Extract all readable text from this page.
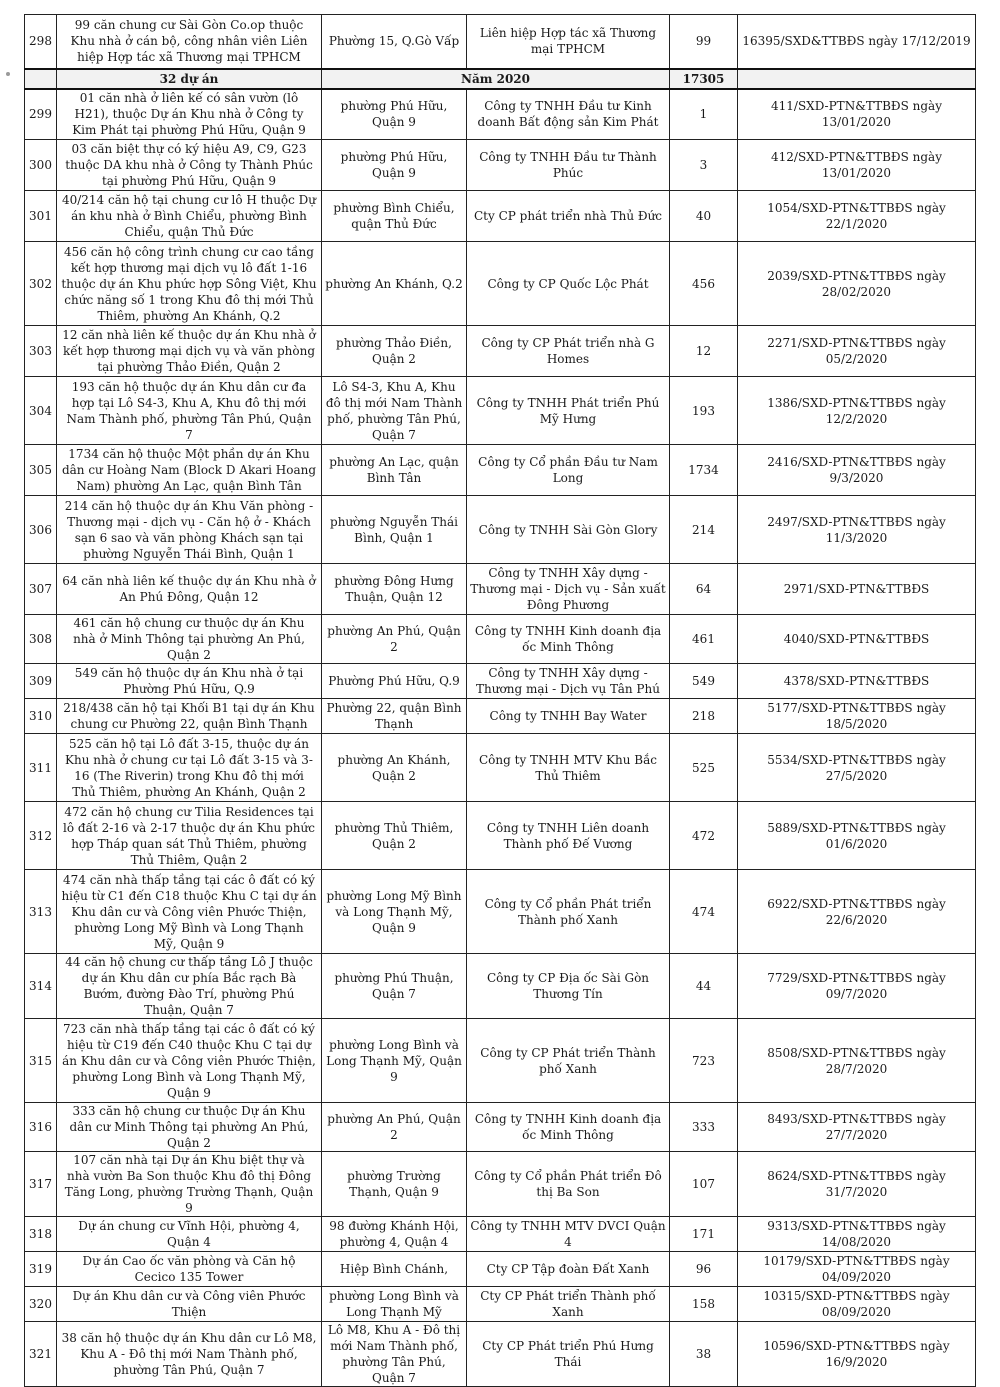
298	99 căn chung cư Sài Gòn Co.op thuộc Khu nhà ở cán bộ, công nhân viên Liên hiệp Hợp tác xã Thương mại TPHCM	Phường 15, Q.Gò Vấp	Liên hiệp Hợp tác xã Thương mại TPHCM	99	16395/SXD&TTBĐS ngày 17/12/2019
	32 dự án	Năm 2020		17305	
299	01 căn nhà ở liên kế có sân vườn (lô H21), thuộc Dự án Khu nhà ở Công ty Kim Phát tại phường Phú Hữu, Quận 9	phường Phú Hữu, Quận 9	Công ty TNHH Đầu tư Kinh doanh Bất động sản Kim Phát	1	411/SXD-PTN&TTBĐS ngày 13/01/2020
300	03 căn biệt thự có ký hiệu A9, C9, G23 thuộc DA khu nhà ở Công ty Thành Phúc tại phường Phú Hữu, Quận 9	phường Phú Hữu, Quận 9	Công ty TNHH Đầu tư Thành Phúc	3	412/SXD-PTN&TTBĐS ngày 13/01/2020
301	40/214 căn hộ tại chung cư lô H thuộc Dự án khu nhà ở Bình Chiểu, phường Bình Chiểu, quận Thủ Đức	phường Bình Chiểu, quận Thủ Đức	Cty CP phát triển nhà Thủ Đức	40	1054/SXD-PTN&TTBĐS ngày 22/1/2020
302	456 căn hộ công trình chung cư cao tầng kết hợp thương mại dịch vụ lô đất 1-16 thuộc dự án Khu phức hợp Sông Việt, Khu chức năng số 1 trong Khu đô thị mới Thủ Thiêm, phường An Khánh, Q.2	phường An Khánh, Q.2	Công ty CP Quốc Lộc Phát	456	2039/SXD-PTN&TTBĐS ngày 28/02/2020
303	12 căn nhà liên kế thuộc dự án Khu nhà ở kết hợp thương mại dịch vụ và văn phòng tại phường Thảo Điền, Quận 2	phường Thảo Điền, Quận 2	Công ty CP Phát triển nhà G Homes	12	2271/SXD-PTN&TTBĐS ngày 05/2/2020
304	193 căn hộ thuộc dự án Khu dân cư đa hợp tại Lô S4-3, Khu A, Khu đô thị mới Nam Thành phố, phường Tân Phú, Quận 7	Lô S4-3, Khu A, Khu đô thị mới Nam Thành phố, phường Tân Phú, Quận 7	Công ty TNHH Phát triển Phú Mỹ Hưng	193	1386/SXD-PTN&TTBĐS ngày 12/2/2020
305	1734 căn hộ thuộc Một phần dự án Khu dân cư Hoàng Nam (Block D Akari Hoang Nam) phường An Lạc, quận Bình Tân	phường An Lạc, quận Bình Tân	Công ty Cổ phần Đầu tư Nam Long	1734	2416/SXD-PTN&TTBĐS ngày 9/3/2020
306	214 căn hộ thuộc dự án Khu Văn phòng - Thương mại - dịch vụ - Căn hộ ở - Khách sạn 6 sao và văn phòng Khách sạn tại phường Nguyễn Thái Bình, Quận 1	phường Nguyễn Thái Bình, Quận 1	Công ty TNHH Sài Gòn Glory	214	2497/SXD-PTN&TTBĐS ngày 11/3/2020
307	64 căn nhà liên kế thuộc dự án Khu nhà ở An Phú Đông, Quận 12	phường Đông Hưng Thuận, Quận 12	Công ty TNHH Xây dựng - Thương mại - Dịch vụ - Sản xuất Đông Phương	64	2971/SXD-PTN&TTBĐS
308	461 căn hộ chung cư thuộc dự án Khu nhà ở Minh Thông tại phường An Phú, Quận 2	phường An Phú, Quận 2	Công ty TNHH Kinh doanh địa ốc Minh Thông	461	4040/SXD-PTN&TTBĐS
309	549 căn hộ thuộc dự án Khu nhà ở tại Phường Phú Hữu, Q.9	Phường Phú Hữu, Q.9	Công ty TNHH Xây dựng - Thương mại - Dịch vụ Tân Phú	549	4378/SXD-PTN&TTBĐS
310	218/438 căn hộ tại Khối B1 tại dự án Khu chung cư Phường 22, quận Bình Thạnh	Phường 22, quận Bình Thạnh	Công ty TNHH Bay Water	218	5177/SXD-PTN&TTBĐS ngày 18/5/2020
311	525 căn hộ tại Lô đất 3-15, thuộc dự án Khu nhà ở chung cư tại Lô đất 3-15 và 3-16 (The Riverin) trong Khu đô thị mới Thủ Thiêm, phường An Khánh, Quận 2	phường An Khánh, Quận 2	Công ty TNHH MTV Khu Bắc Thủ Thiêm	525	5534/SXD-PTN&TTBĐS ngày 27/5/2020
312	472 căn hộ chung cư Tilia Residences tại lô đất 2-16 và 2-17 thuộc dự án Khu phức hợp Tháp quan sát Thủ Thiêm, phường Thủ Thiêm, Quận 2	phường Thủ Thiêm, Quận 2	Công ty TNHH Liên doanh Thành phố Đế Vương	472	5889/SXD-PTN&TTBĐS ngày 01/6/2020
313	474 căn nhà thấp tầng tại các ô đất có ký hiệu từ C1 đến C18 thuộc Khu C tại dự án Khu dân cư và Công viên Phước Thiện, phường Long Mỹ Bình và Long Thạnh Mỹ, Quận 9	phường Long Mỹ Bình và Long Thạnh Mỹ, Quận 9	Công ty Cổ phần Phát triển Thành phố Xanh	474	6922/SXD-PTN&TTBĐS ngày 22/6/2020
314	44 căn hộ chung cư thấp tầng Lô J thuộc dự án Khu dân cư phía Bắc rạch Bà Bướm, đường Đào Trí, phường Phú Thuận, Quận 7	phường Phú Thuận, Quận 7	Công ty CP Địa ốc Sài Gòn Thương Tín	44	7729/SXD-PTN&TTBĐS ngày 09/7/2020
315	723 căn nhà thấp tầng tại các ô đất có ký hiệu từ C19 đến C40 thuộc Khu C tại dự án Khu dân cư và Công viên Phước Thiện, phường Long Bình và Long Thạnh Mỹ, Quận 9	phường Long Bình và Long Thạnh Mỹ, Quận 9	Công ty CP Phát triển Thành phố Xanh	723	8508/SXD-PTN&TTBĐS ngày 28/7/2020
316	333 căn hộ chung cư thuộc Dự án Khu dân cư Minh Thông tại phường An Phú, Quận 2	phường An Phú, Quận 2	Công ty TNHH Kinh doanh địa ốc Minh Thông	333	8493/SXD-PTN&TTBĐS ngày 27/7/2020
317	107 căn nhà tại Dự án Khu biệt thự và nhà vườn Ba Son thuộc Khu đô thị Đông Tăng Long, phường Trường Thạnh, Quận 9	phường Trường Thạnh, Quận 9	Công ty Cổ phần Phát triển Đô thị Ba Son	107	8624/SXD-PTN&TTBĐS ngày 31/7/2020
318	Dự án chung cư Vĩnh Hội, phường 4, Quận 4	98 đường Khánh Hội, phường 4, Quận 4	Công ty TNHH MTV DVCI Quận 4	171	9313/SXD-PTN&TTBĐS ngày 14/08/2020
319	Dự án Cao ốc văn phòng và Căn hộ Cecico 135 Tower	Hiệp Bình Chánh,	Cty CP Tập đoàn Đất Xanh	96	10179/SXD-PTN&TTBĐS ngày 04/09/2020
320	Dự án Khu dân cư và Công viên Phước Thiện	phường Long Bình và Long Thạnh Mỹ	Cty CP Phát triển Thành phố Xanh	158	10315/SXD-PTN&TTBĐS ngày 08/09/2020
321	38 căn hộ thuộc dự án Khu dân cư Lô M8, Khu A - Đô thị mới Nam Thành phố, phường Tân Phú, Quận 7	Lô M8, Khu A - Đô thị mới Nam Thành phố, phường Tân Phú, Quận 7	Cty CP Phát triển Phú Hưng Thái	38	10596/SXD-PTN&TTBĐS ngày 16/9/2020
